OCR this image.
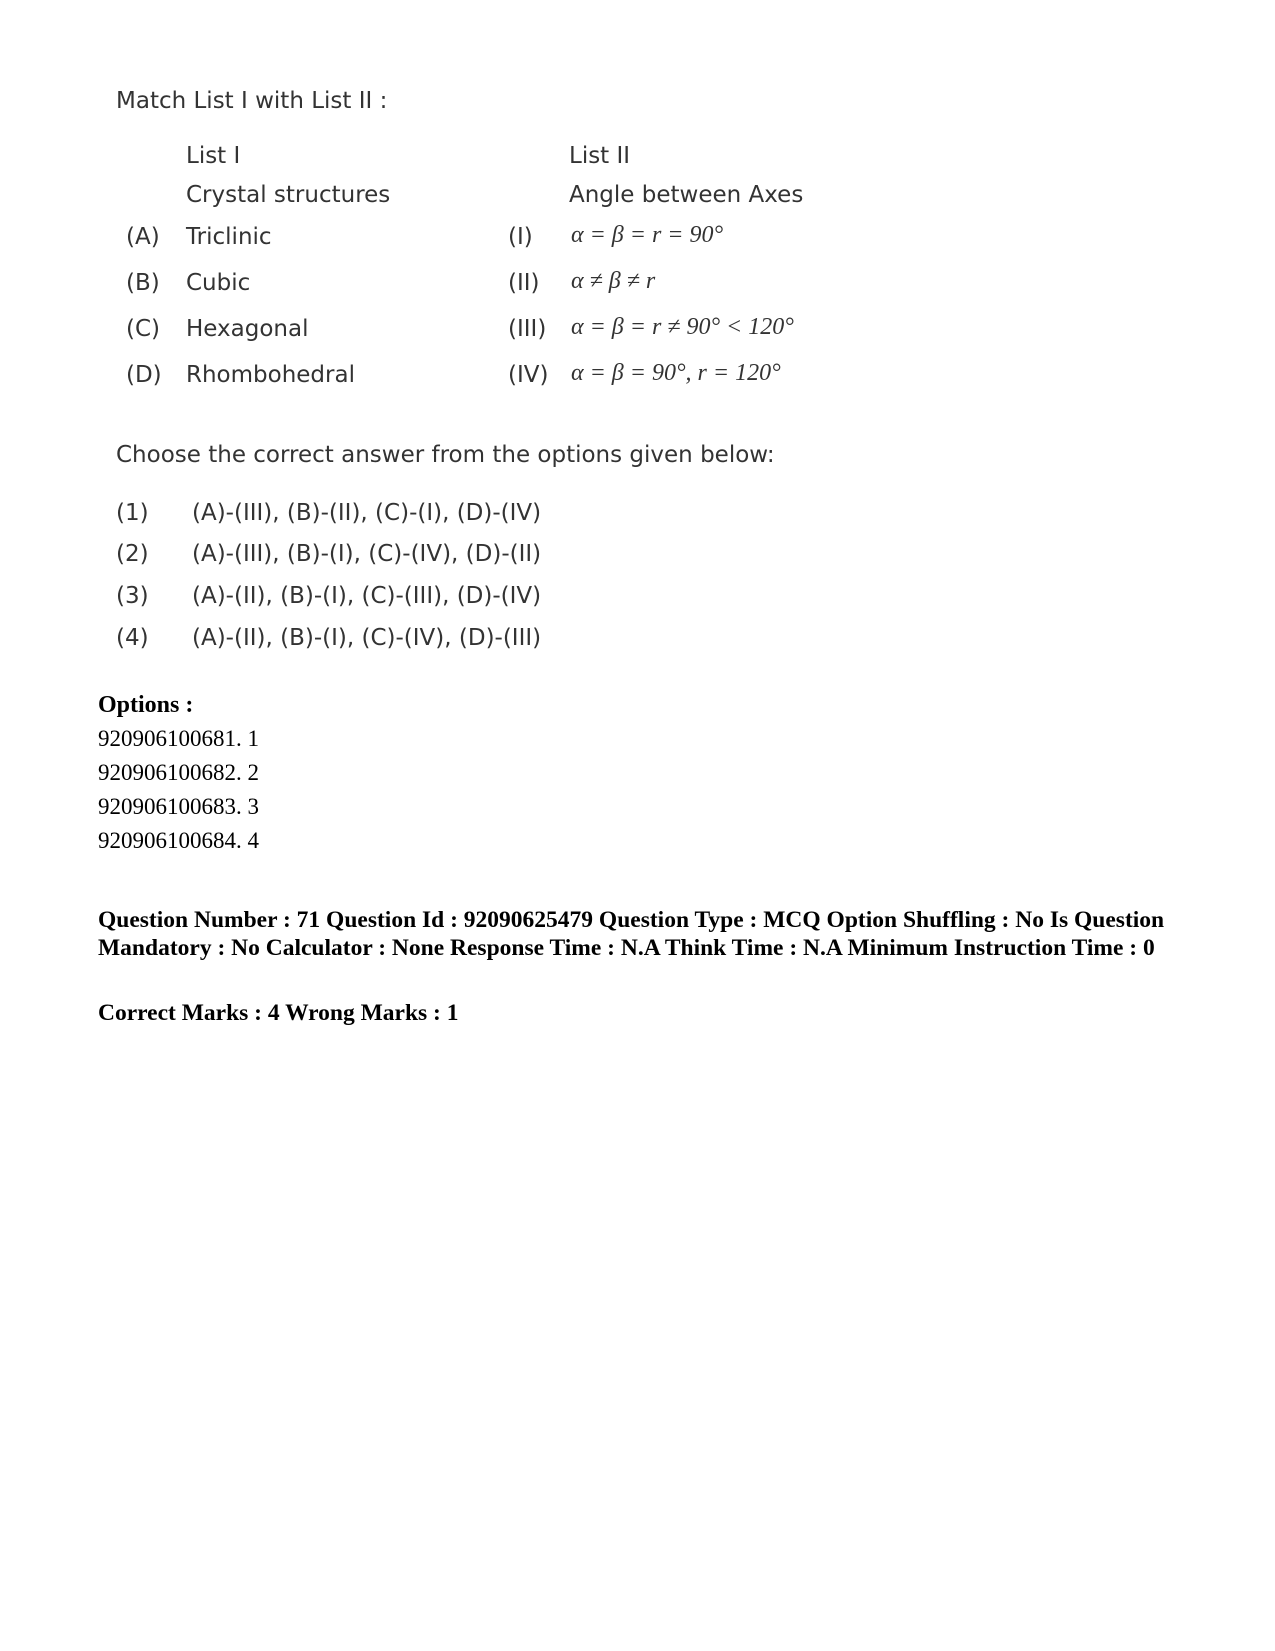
Match List I with List II :
List I	List II
Crystal structures	Angle between Axes
(A) Triclinic	(I) α = β = r = 90°
(B) Cubic	(II) α ≠ β ≠ r
(C) Hexagonal	(III) α = β = r ≠ 90° < 120°
(D) Rhombohedral	(IV) α = β = 90°, r = 120°
Choose the correct answer from the options given below:
(1) (A)-(III), (B)-(II), (C)-(I), (D)-(IV)
(2) (A)-(III), (B)-(I), (C)-(IV), (D)-(II)
(3) (A)-(II), (B)-(I), (C)-(III), (D)-(IV)
(4) (A)-(II), (B)-(I), (C)-(IV), (D)-(III)
Options :
920906100681. 1
920906100682. 2
920906100683. 3
920906100684. 4
Question Number : 71 Question Id : 92090625479 Question Type : MCQ Option Shuffling : No Is Question Mandatory : No Calculator : None Response Time : N.A Think Time : N.A Minimum Instruction Time : 0
Correct Marks : 4 Wrong Marks : 1
